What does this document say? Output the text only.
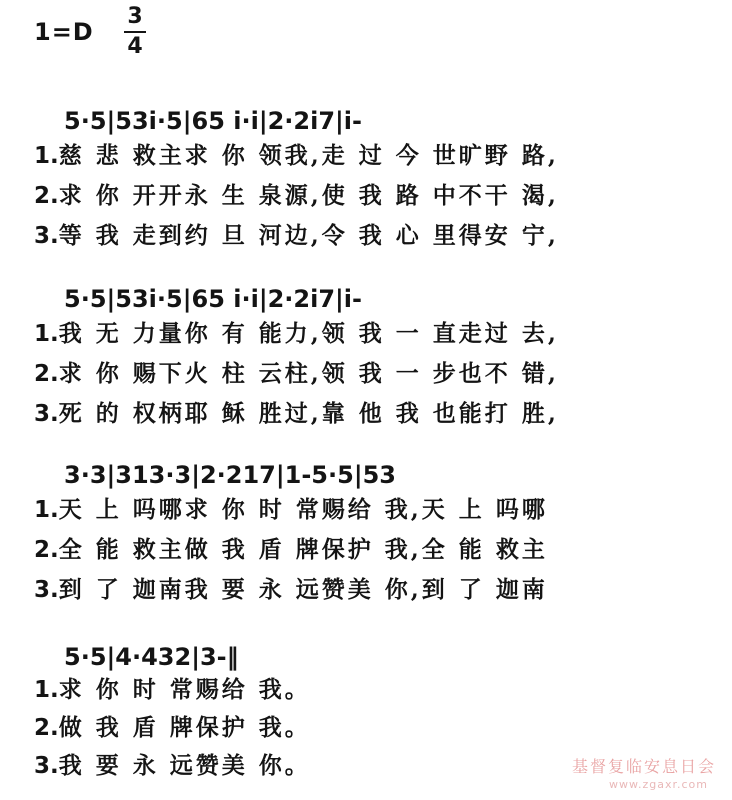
1=D
3
4
5·5|53i·5|65 i·i|2·2i7|i-
1.慈 悲 救主求 你 领我,走 过 今 世旷野 路,
2.求 你 开开永 生 泉源,使 我 路 中不干 渴,
3.等 我 走到约 旦 河边,令 我 心 里得安 宁,
5·5|53i·5|65 i·i|2·2i7|i-
1.我 无 力量你 有 能力,领 我 一 直走过 去,
2.求 你 赐下火 柱 云柱,领 我 一 步也不 错,
3.死 的 权柄耶 稣 胜过,靠 他 我 也能打 胜,
3·3|313·3|2·217|1-5·5|53
1.天 上 吗哪求 你 时 常赐给 我,天 上 吗哪
2.全 能 救主做 我 盾 牌保护 我,全 能 救主
3.到 了 迦南我 要 永 远赞美 你,到 了 迦南
5·5|4·432|3-‖
1.求 你 时 常赐给 我。
2.做 我 盾 牌保护 我。
3.我 要 永 远赞美 你。	基督复临安息日会
www.zgaxr.com
